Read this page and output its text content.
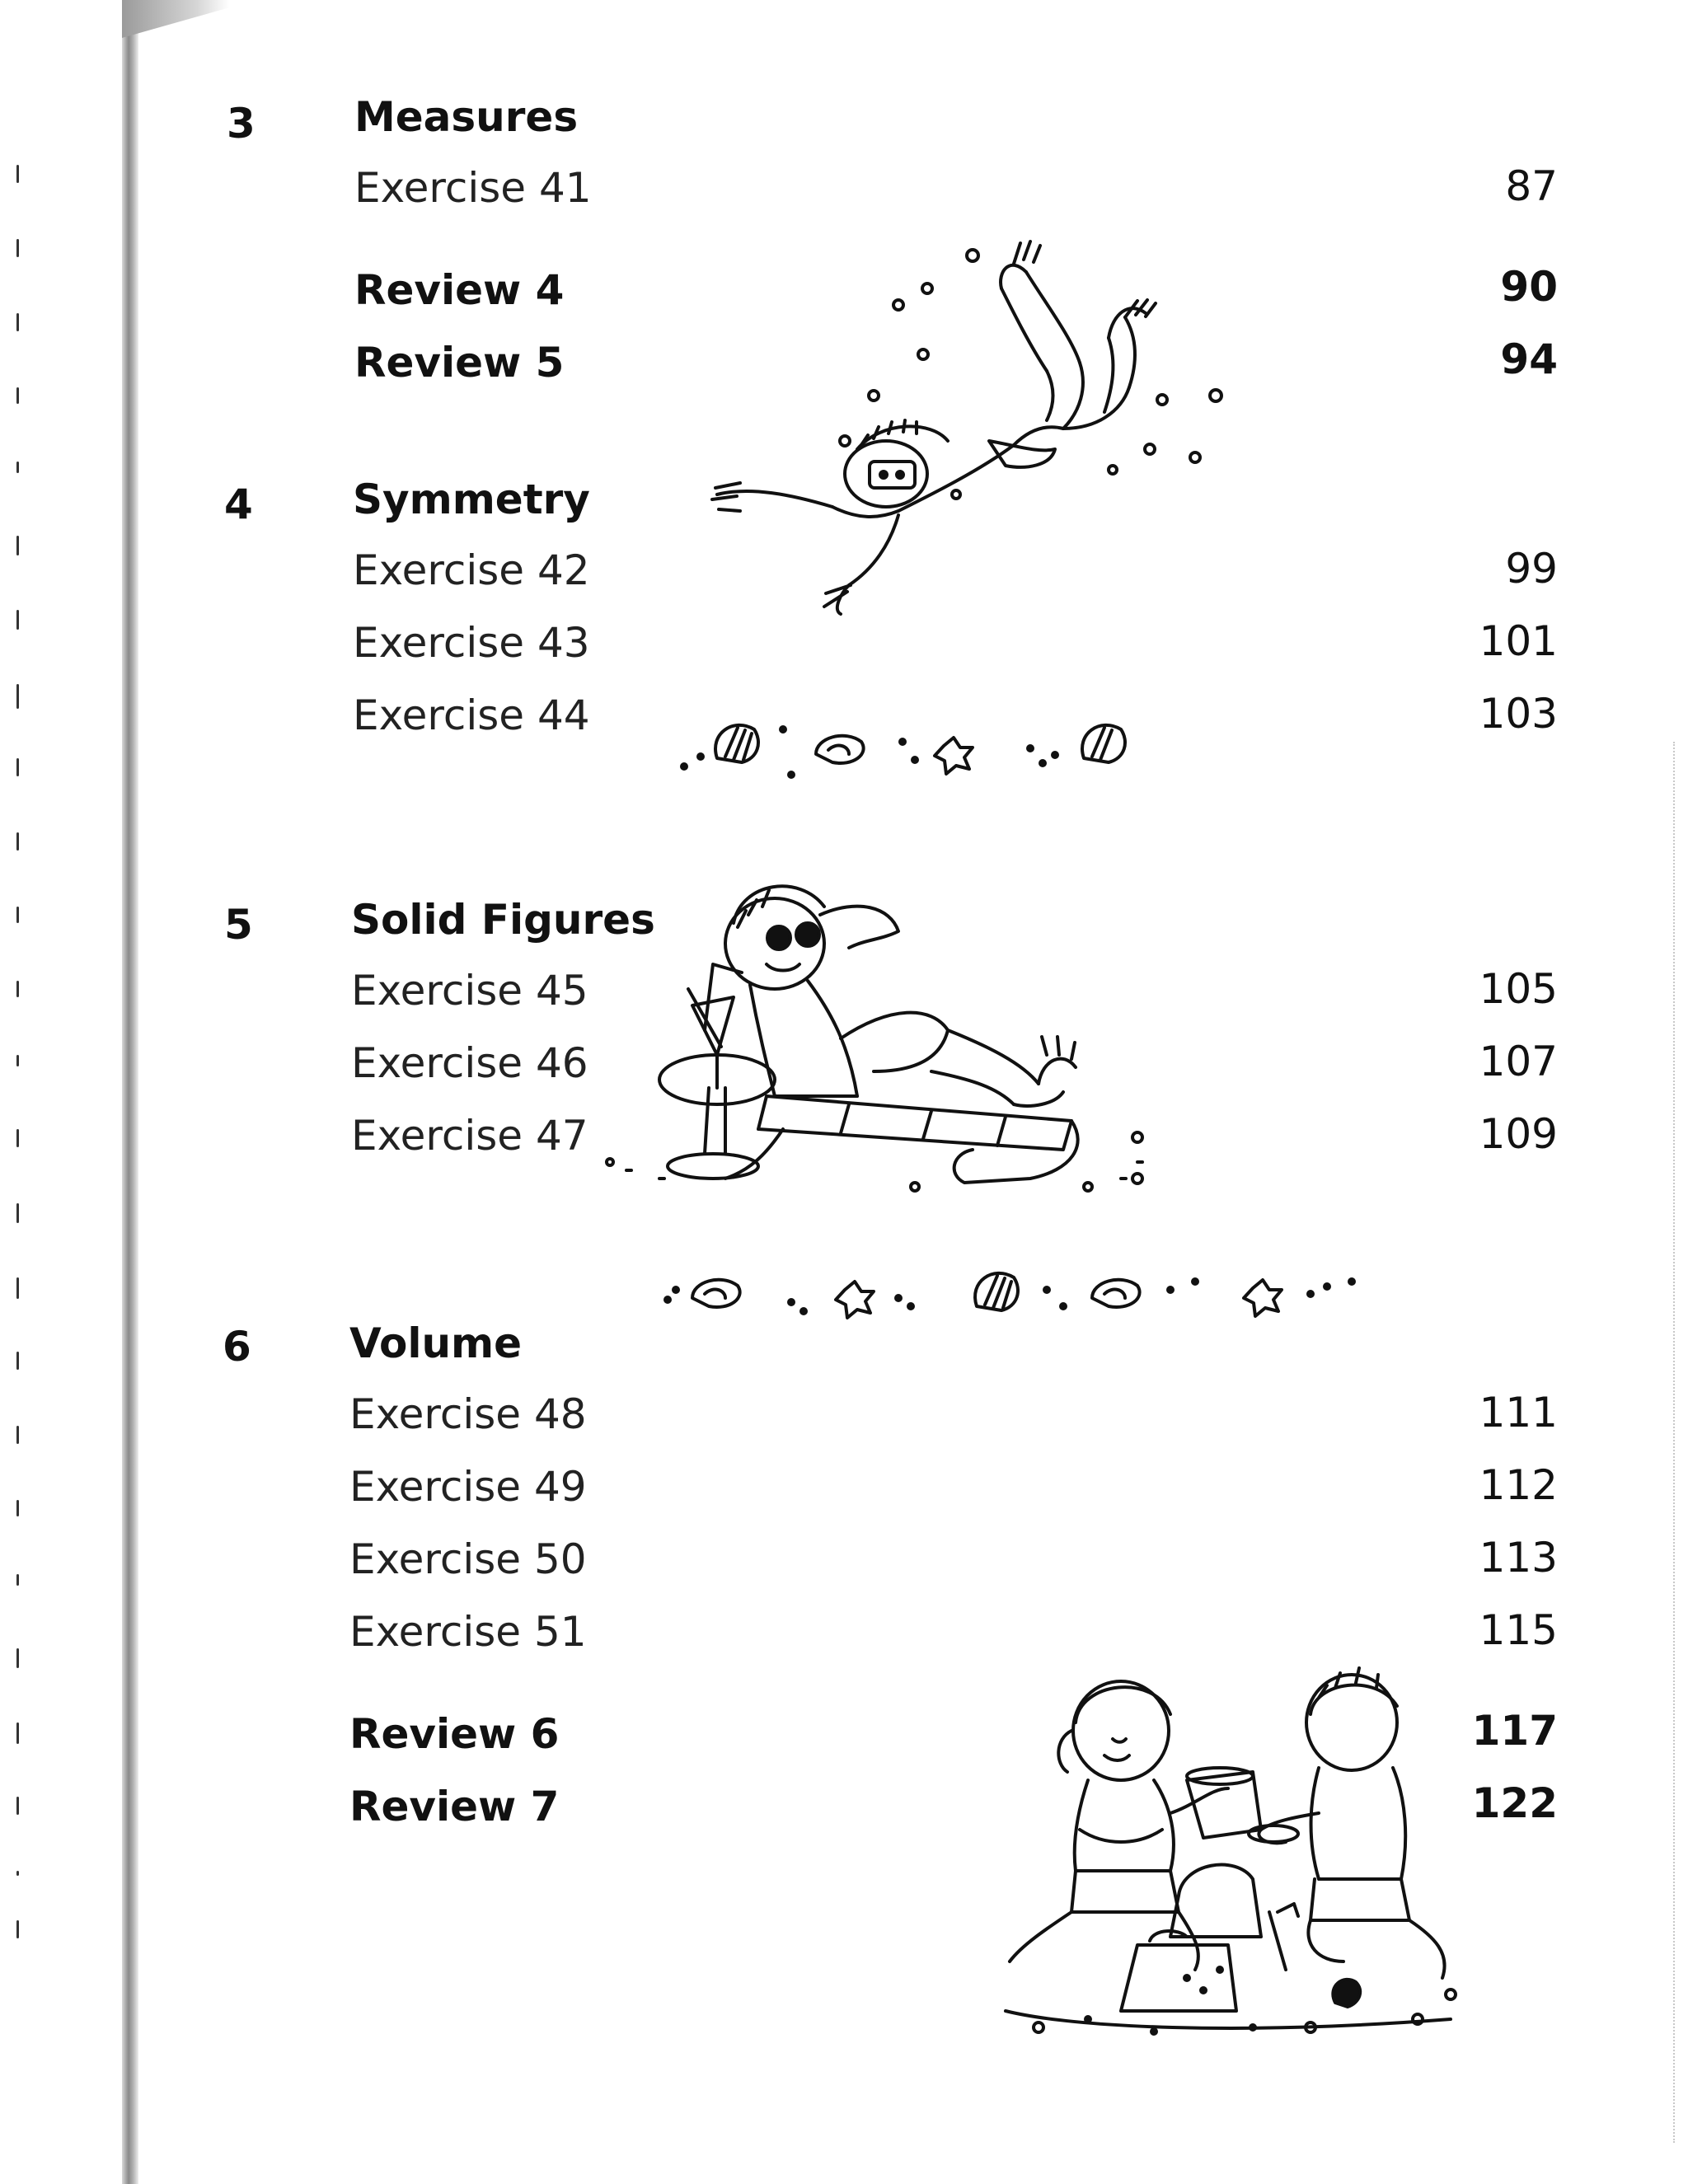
3 Measures
Exercise 41	87
Review 4	90
Review 5	94
4 Symmetry
Exercise 42	99
Exercise 43	101
Exercise 44	103
5 Solid Figures
Exercise 45	105
Exercise 46	107
Exercise 47	109
6 Volume
Exercise 48	111
Exercise 49	112
Exercise 50	113
Exercise 51	115
Review 6	117
Review 7	122
